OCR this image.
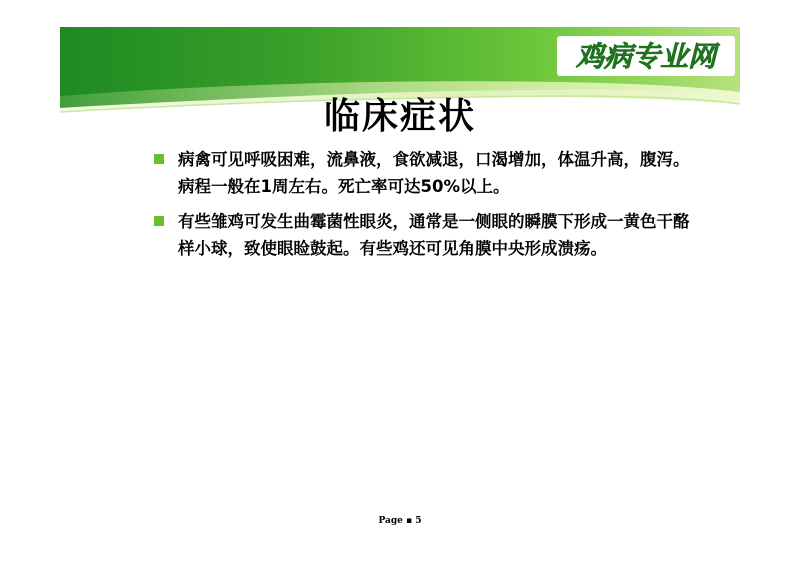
鸡病专业网
临床症状
病禽可见呼吸困难，流鼻液，食欲减退，口渴增加，体温升高，腹泻。病程一般在1周左右。死亡率可达50%以上。
有些雏鸡可发生曲霉菌性眼炎，通常是一侧眼的瞬膜下形成一黄色干酪样小球，致使眼睑鼓起。有些鸡还可见角膜中央形成溃疡。
Page ▪ 5
